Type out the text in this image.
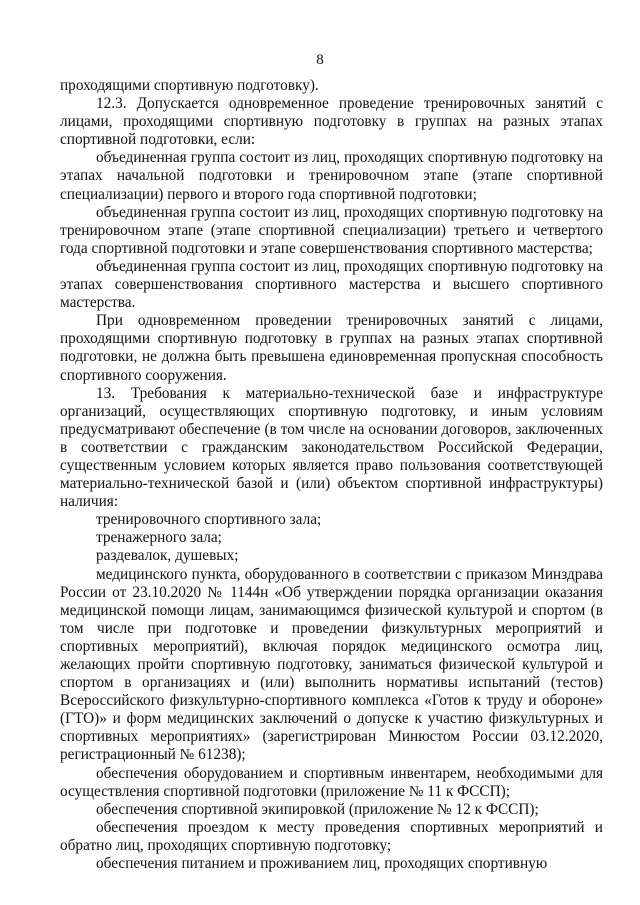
8

проходящими спортивную подготовку).

12.3. Допускается одновременное проведение тренировочных занятий с лицами, проходящими спортивную подготовку в группах на разных этапах спортивной подготовки, если:

объединенная группа состоит из лиц, проходящих спортивную подготовку на этапах начальной подготовки и тренировочном этапе (этапе спортивной специализации) первого и второго года спортивной подготовки;

объединенная группа состоит из лиц, проходящих спортивную подготовку на тренировочном этапе (этапе спортивной специализации) третьего и четвертого года спортивной подготовки и этапе совершенствования спортивного мастерства;

объединенная группа состоит из лиц, проходящих спортивную подготовку на этапах совершенствования спортивного мастерства и высшего спортивного мастерства.

При одновременном проведении тренировочных занятий с лицами, проходящими спортивную подготовку в группах на разных этапах спортивной подготовки, не должна быть превышена единовременная пропускная способность спортивного сооружения.

13. Требования к материально-технической базе и инфраструктуре организаций, осуществляющих спортивную подготовку, и иным условиям предусматривают обеспечение (в том числе на основании договоров, заключенных в соответствии с гражданским законодательством Российской Федерации, существенным условием которых является право пользования соответствующей материально-технической базой и (или) объектом спортивной инфраструктуры) наличия:

тренировочного спортивного зала;

тренажерного зала;

раздевалок, душевых;

медицинского пункта, оборудованного в соответствии с приказом Минздрава России от 23.10.2020 № 1144н «Об утверждении порядка организации оказания медицинской помощи лицам, занимающимся физической культурой и спортом (в том числе при подготовке и проведении физкультурных мероприятий и спортивных мероприятий), включая порядок медицинского осмотра лиц, желающих пройти спортивную подготовку, заниматься физической культурой и спортом в организациях и (или) выполнить нормативы испытаний (тестов) Всероссийского физкультурно-спортивного комплекса «Готов к труду и обороне» (ГТО)» и форм медицинских заключений о допуске к участию физкультурных и спортивных мероприятиях» (зарегистрирован Минюстом России 03.12.2020, регистрационный № 61238);

обеспечения оборудованием и спортивным инвентарем, необходимыми для осуществления спортивной подготовки (приложение № 11 к ФССП);

обеспечения спортивной экипировкой (приложение № 12 к ФССП);

обеспечения проездом к месту проведения спортивных мероприятий и обратно лиц, проходящих спортивную подготовку;

обеспечения питанием и проживанием лиц, проходящих спортивную
